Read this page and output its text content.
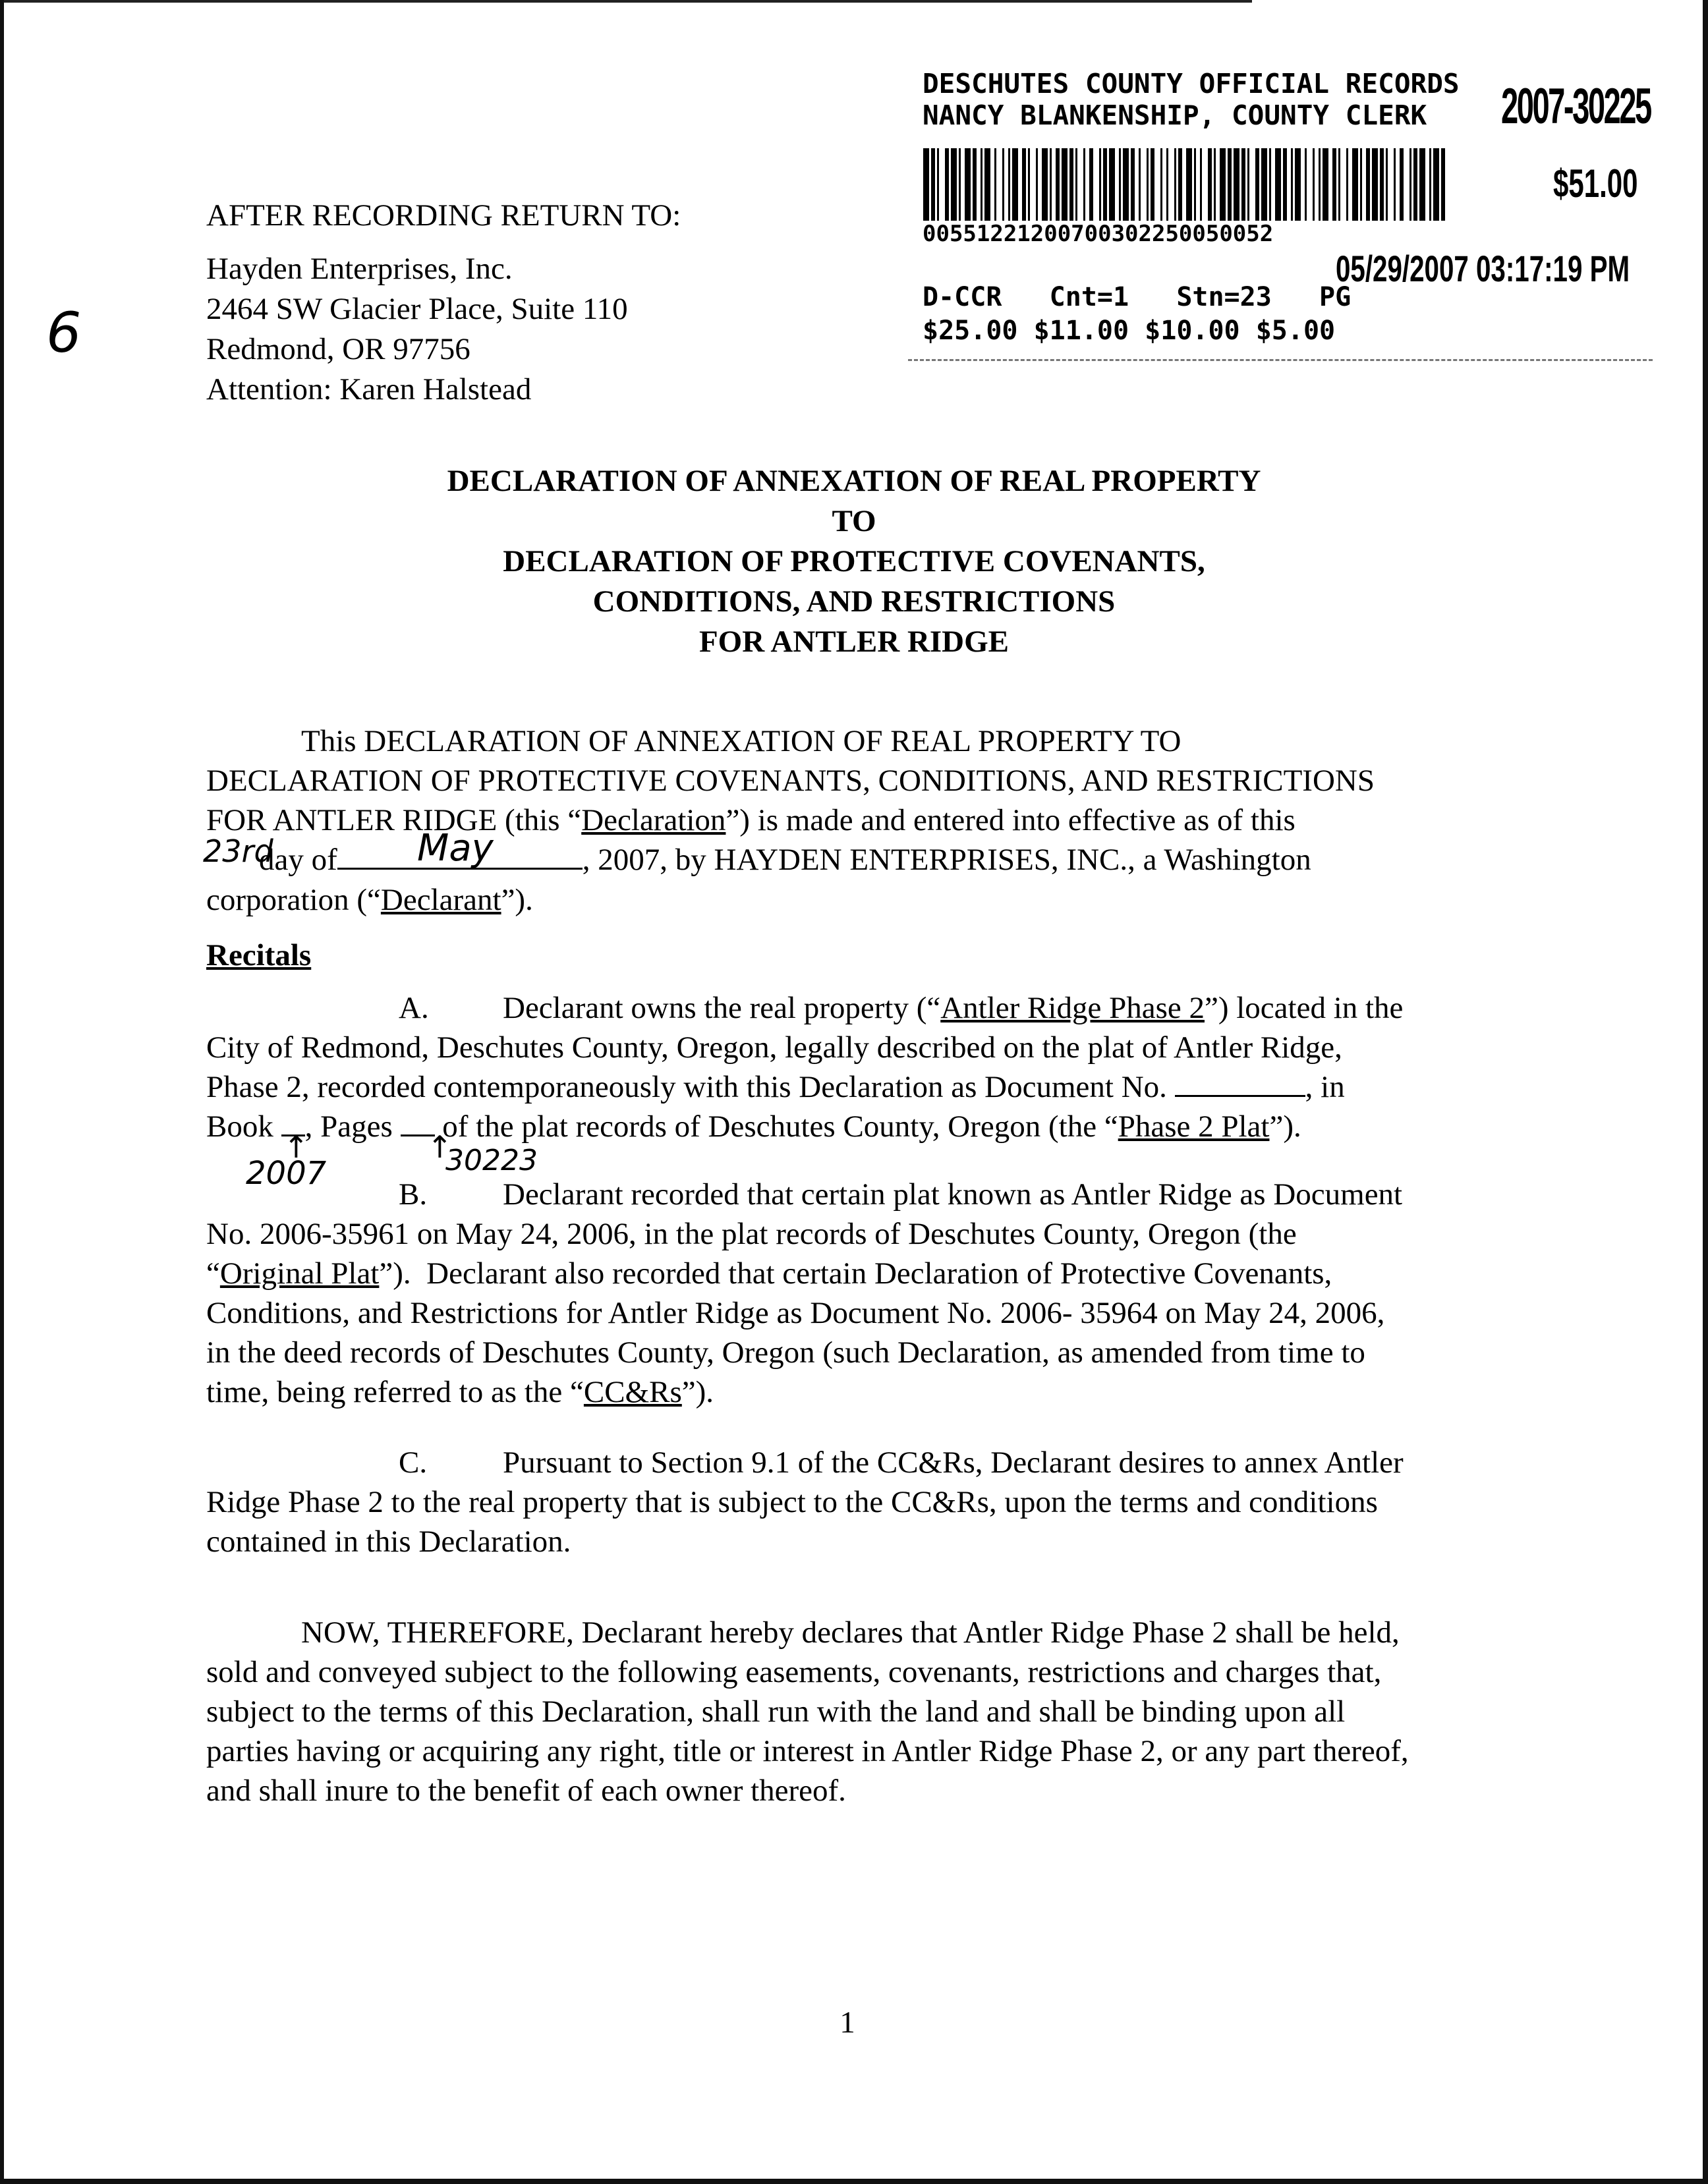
DESCHUTES COUNTY OFFICIAL RECORDS
NANCY BLANKENSHIP, COUNTY CLERK 2007-30225
$51.00
00551221200700302250050052
05/29/2007 03:17:19 PM
D-CCR   Cnt=1   Stn=23   PG
$25.00 $11.00 $10.00 $5.00
6
AFTER RECORDING RETURN TO:
Hayden Enterprises, Inc.
2464 SW Glacier Place, Suite 110
Redmond, OR 97756
Attention: Karen Halstead
DECLARATION OF ANNEXATION OF REAL PROPERTY
TO
DECLARATION OF PROTECTIVE COVENANTS,
CONDITIONS, AND RESTRICTIONS
FOR ANTLER RIDGE
This DECLARATION OF ANNEXATION OF REAL PROPERTY TO
DECLARATION OF PROTECTIVE COVENANTS, CONDITIONS, AND RESTRICTIONS
FOR ANTLER RIDGE (this “Declaration”) is made and entered into effective as of this
day of	, 2007, by HAYDEN ENTERPRISES, INC., a Washington
23rd	May
corporation (“Declarant”).
Recitals
A. Declarant owns the real property (“Antler Ridge Phase 2”) located in the
City of Redmond, Deschutes County, Oregon, legally described on the plat of Antler Ridge,
Phase 2, recorded contemporaneously with this Declaration as Document No.	, in
Book , Pages of the plat records of Deschutes County, Oregon (the “Phase 2 Plat”).
↑
2007
↑
30223
B. Declarant recorded that certain plat known as Antler Ridge as Document
No. 2006-35961 on May 24, 2006, in the plat records of Deschutes County, Oregon (the
“Original Plat”).  Declarant also recorded that certain Declaration of Protective Covenants,
Conditions, and Restrictions for Antler Ridge as Document No. 2006- 35964 on May 24, 2006,
in the deed records of Deschutes County, Oregon (such Declaration, as amended from time to
time, being referred to as the “CC&Rs”).
C. Pursuant to Section 9.1 of the CC&Rs, Declarant desires to annex Antler
Ridge Phase 2 to the real property that is subject to the CC&Rs, upon the terms and conditions
contained in this Declaration.
NOW, THEREFORE, Declarant hereby declares that Antler Ridge Phase 2 shall be held,
sold and conveyed subject to the following easements, covenants, restrictions and charges that,
subject to the terms of this Declaration, shall run with the land and shall be binding upon all
parties having or acquiring any right, title or interest in Antler Ridge Phase 2, or any part thereof,
and shall inure to the benefit of each owner thereof.
1
